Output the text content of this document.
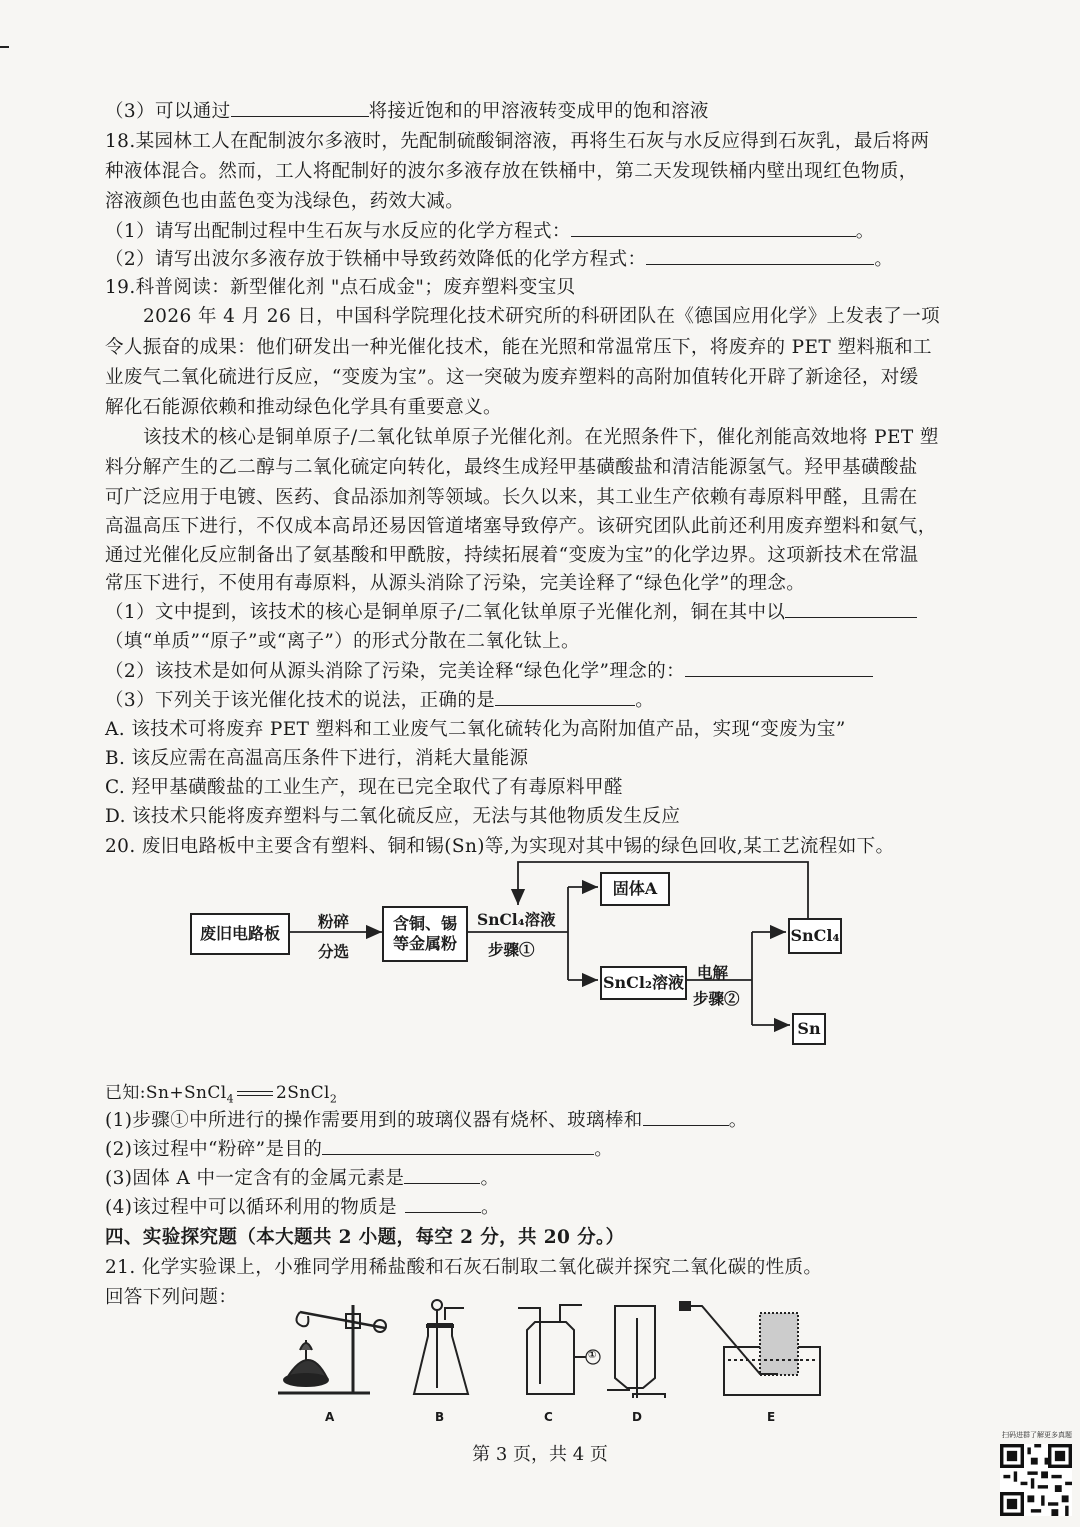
（3）可以通过	将接近饱和的甲溶液转变成甲的饱和溶液
18.某园林工人在配制波尔多液时，先配制硫酸铜溶液，再将生石灰与水反应得到石灰乳，最后将两
种液体混合。然而，工人将配制好的波尔多液存放在铁桶中，第二天发现铁桶内壁出现红色物质，
溶液颜色也由蓝色变为浅绿色，药效大减。
（1）请写出配制过程中生石灰与水反应的化学方程式：	。
（2）请写出波尔多液存放于铁桶中导致药效降低的化学方程式：	。
19.科普阅读：新型催化剂 "点石成金"；废弃塑料变宝贝
2026 年 4 月 26 日，中国科学院理化技术研究所的科研团队在《德国应用化学》上发表了一项
令人振奋的成果：他们研发出一种光催化技术，能在光照和常温常压下，将废弃的 PET 塑料瓶和工
业废气二氧化硫进行反应，“变废为宝”。这一突破为废弃塑料的高附加值转化开辟了新途径，对缓
解化石能源依赖和推动绿色化学具有重要意义。
该技术的核心是铜单原子/二氧化钛单原子光催化剂。在光照条件下，催化剂能高效地将 PET 塑
料分解产生的乙二醇与二氧化硫定向转化，最终生成羟甲基磺酸盐和清洁能源氢气。羟甲基磺酸盐
可广泛应用于电镀、医药、食品添加剂等领域。长久以来，其工业生产依赖有毒原料甲醛，且需在
高温高压下进行，不仅成本高昂还易因管道堵塞导致停产。该研究团队此前还利用废弃塑料和氨气，
通过光催化反应制备出了氨基酸和甲酰胺，持续拓展着“变废为宝”的化学边界。这项新技术在常温
常压下进行，不使用有毒原料，从源头消除了污染，完美诠释了“绿色化学”的理念。
（1）文中提到，该技术的核心是铜单原子/二氧化钛单原子光催化剂，铜在其中以
（填“单质”“原子”或“离子”）的形式分散在二氧化钛上。
（2）该技术是如何从源头消除了污染，完美诠释“绿色化学”理念的：
（3）下列关于该光催化技术的说法，正确的是	。
A. 该技术可将废弃 PET 塑料和工业废气二氧化硫转化为高附加值产品，实现“变废为宝”
B. 该反应需在高温高压条件下进行，消耗大量能源
C. 羟甲基磺酸盐的工业生产，现在已完全取代了有毒原料甲醛
D. 该技术只能将废弃塑料与二氧化硫反应，无法与其他物质发生反应
20. 废旧电路板中主要含有塑料、铜和锡(Sn)等,为实现对其中锡的绿色回收,某工艺流程如下。
废旧电路板
粉碎
分选
含铜、锡
等金属粉
SnCl₄溶液
步骤①
固体A
SnCl₂溶液
电解
步骤②
SnCl₄
Sn
已知:Sn+SnCl$_4$ 2SnCl$_2$
(1)步骤①中所进行的操作需要用到的玻璃仪器有烧杯、玻璃棒和	。
(2)该过程中“粉碎”是目的	。
(3)固体 A 中一定含有的金属元素是	。
(4)该过程中可以循环利用的物质是	。
四、实验探究题（本大题共 2 小题，每空 2 分，共 20 分。）
21. 化学实验课上，小雅同学用稀盐酸和石灰石制取二氧化碳并探究二氧化碳的性质。
回答下列问题：
A	B	C	D	E
①
第 3 页，共 4 页
扫码进群了解更多真题
